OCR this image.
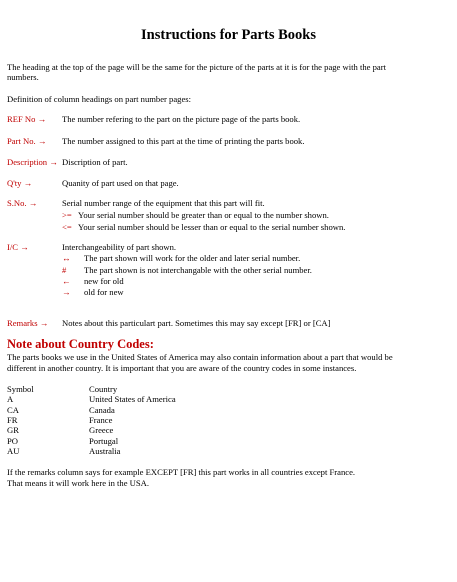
Instructions for Parts Books
The heading at the top of the page will be the same for the picture of the parts at it is for the page with the part
numbers.
Definition of column headings on part number pages:
REF No → The number refering to the part on the picture page of the parts book.
Part No. → The number assigned to this part at the time of printing the parts book.
Description → Discription of part.
Q'ty →	Quanity of part used on that page.
S.No. →	Serial number range of the equipment that this part will fit.
>= Your serial number should be greater than or equal to the number shown.
<= Your serial number should be lesser than or equal to the serial number shown.
I/C →	Interchangeability of part shown.
↔ The part shown will work for the older and later serial number.
# The part shown is not interchangable with the other serial number.
← new for old
→ old for new
Remarks → Notes about this particulart part. Sometimes this may say except [FR] or [CA]
Note about Country Codes:
The parts books we use in the United States of America may also contain information about a part that would be
different in another country. It is important that you are aware of the country codes in some instances.
Symbol	Country
A	United States of America
CA	Canada
FR	France
GR	Greece
PO	Portugal
AU	Australia
If the remarks column says for example EXCEPT [FR] this part works in all countries except France.
That means it will work here in the USA.
